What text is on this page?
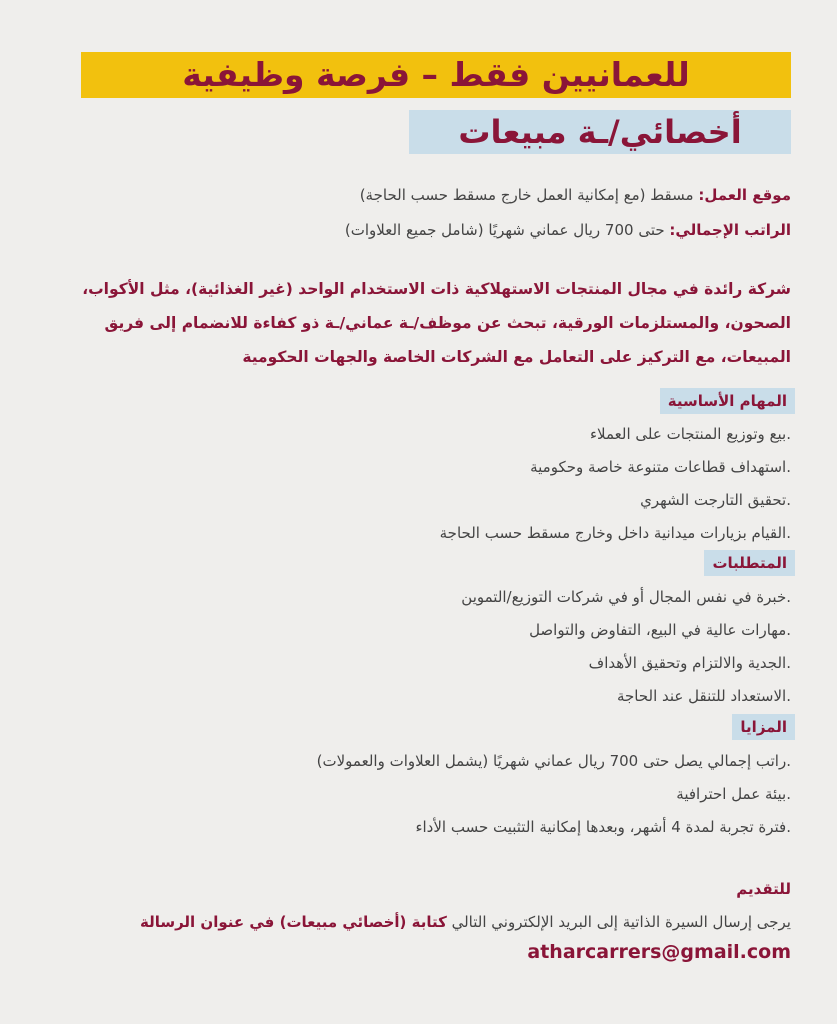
للعمانيين فقط – فرصة وظيفية
أخصائي/ـة مبيعات
موقع العمل: مسقط (مع إمكانية العمل خارج مسقط حسب الحاجة)
الراتب الإجمالي: حتى 700 ريال عماني شهريًا (شامل جميع العلاوات)
شركة رائدة في مجال المنتجات الاستهلاكية ذات الاستخدام الواحد (غير الغذائية)، مثل الأكواب، الصحون، والمستلزمات الورقية، تبحث عن موظف/ـة عماني/ـة ذو كفاءة للانضمام إلى فريق المبيعات، مع التركيز على التعامل مع الشركات الخاصة والجهات الحكومية
المهام الأساسية
.بيع وتوزيع المنتجات على العملاء
.استهداف قطاعات متنوعة خاصة وحكومية
.تحقيق التارجت الشهري
.القيام بزيارات ميدانية داخل وخارج مسقط حسب الحاجة
المتطلبات
.خبرة في نفس المجال أو في شركات التوزيع/التموين
.مهارات عالية في البيع، التفاوض والتواصل
.الجدية والالتزام وتحقيق الأهداف
.الاستعداد للتنقل عند الحاجة
المزايا
.راتب إجمالي يصل حتى 700 ريال عماني شهريًا (يشمل العلاوات والعمولات)
.بيئة عمل احترافية
.فترة تجربة لمدة 4 أشهر، وبعدها إمكانية التثبيت حسب الأداء
للتقديم
يرجى إرسال السيرة الذاتية إلى البريد الإلكتروني التالي كتابة (أخصائي مبيعات) في عنوان الرسالة
atharcarrers@gmail.com
